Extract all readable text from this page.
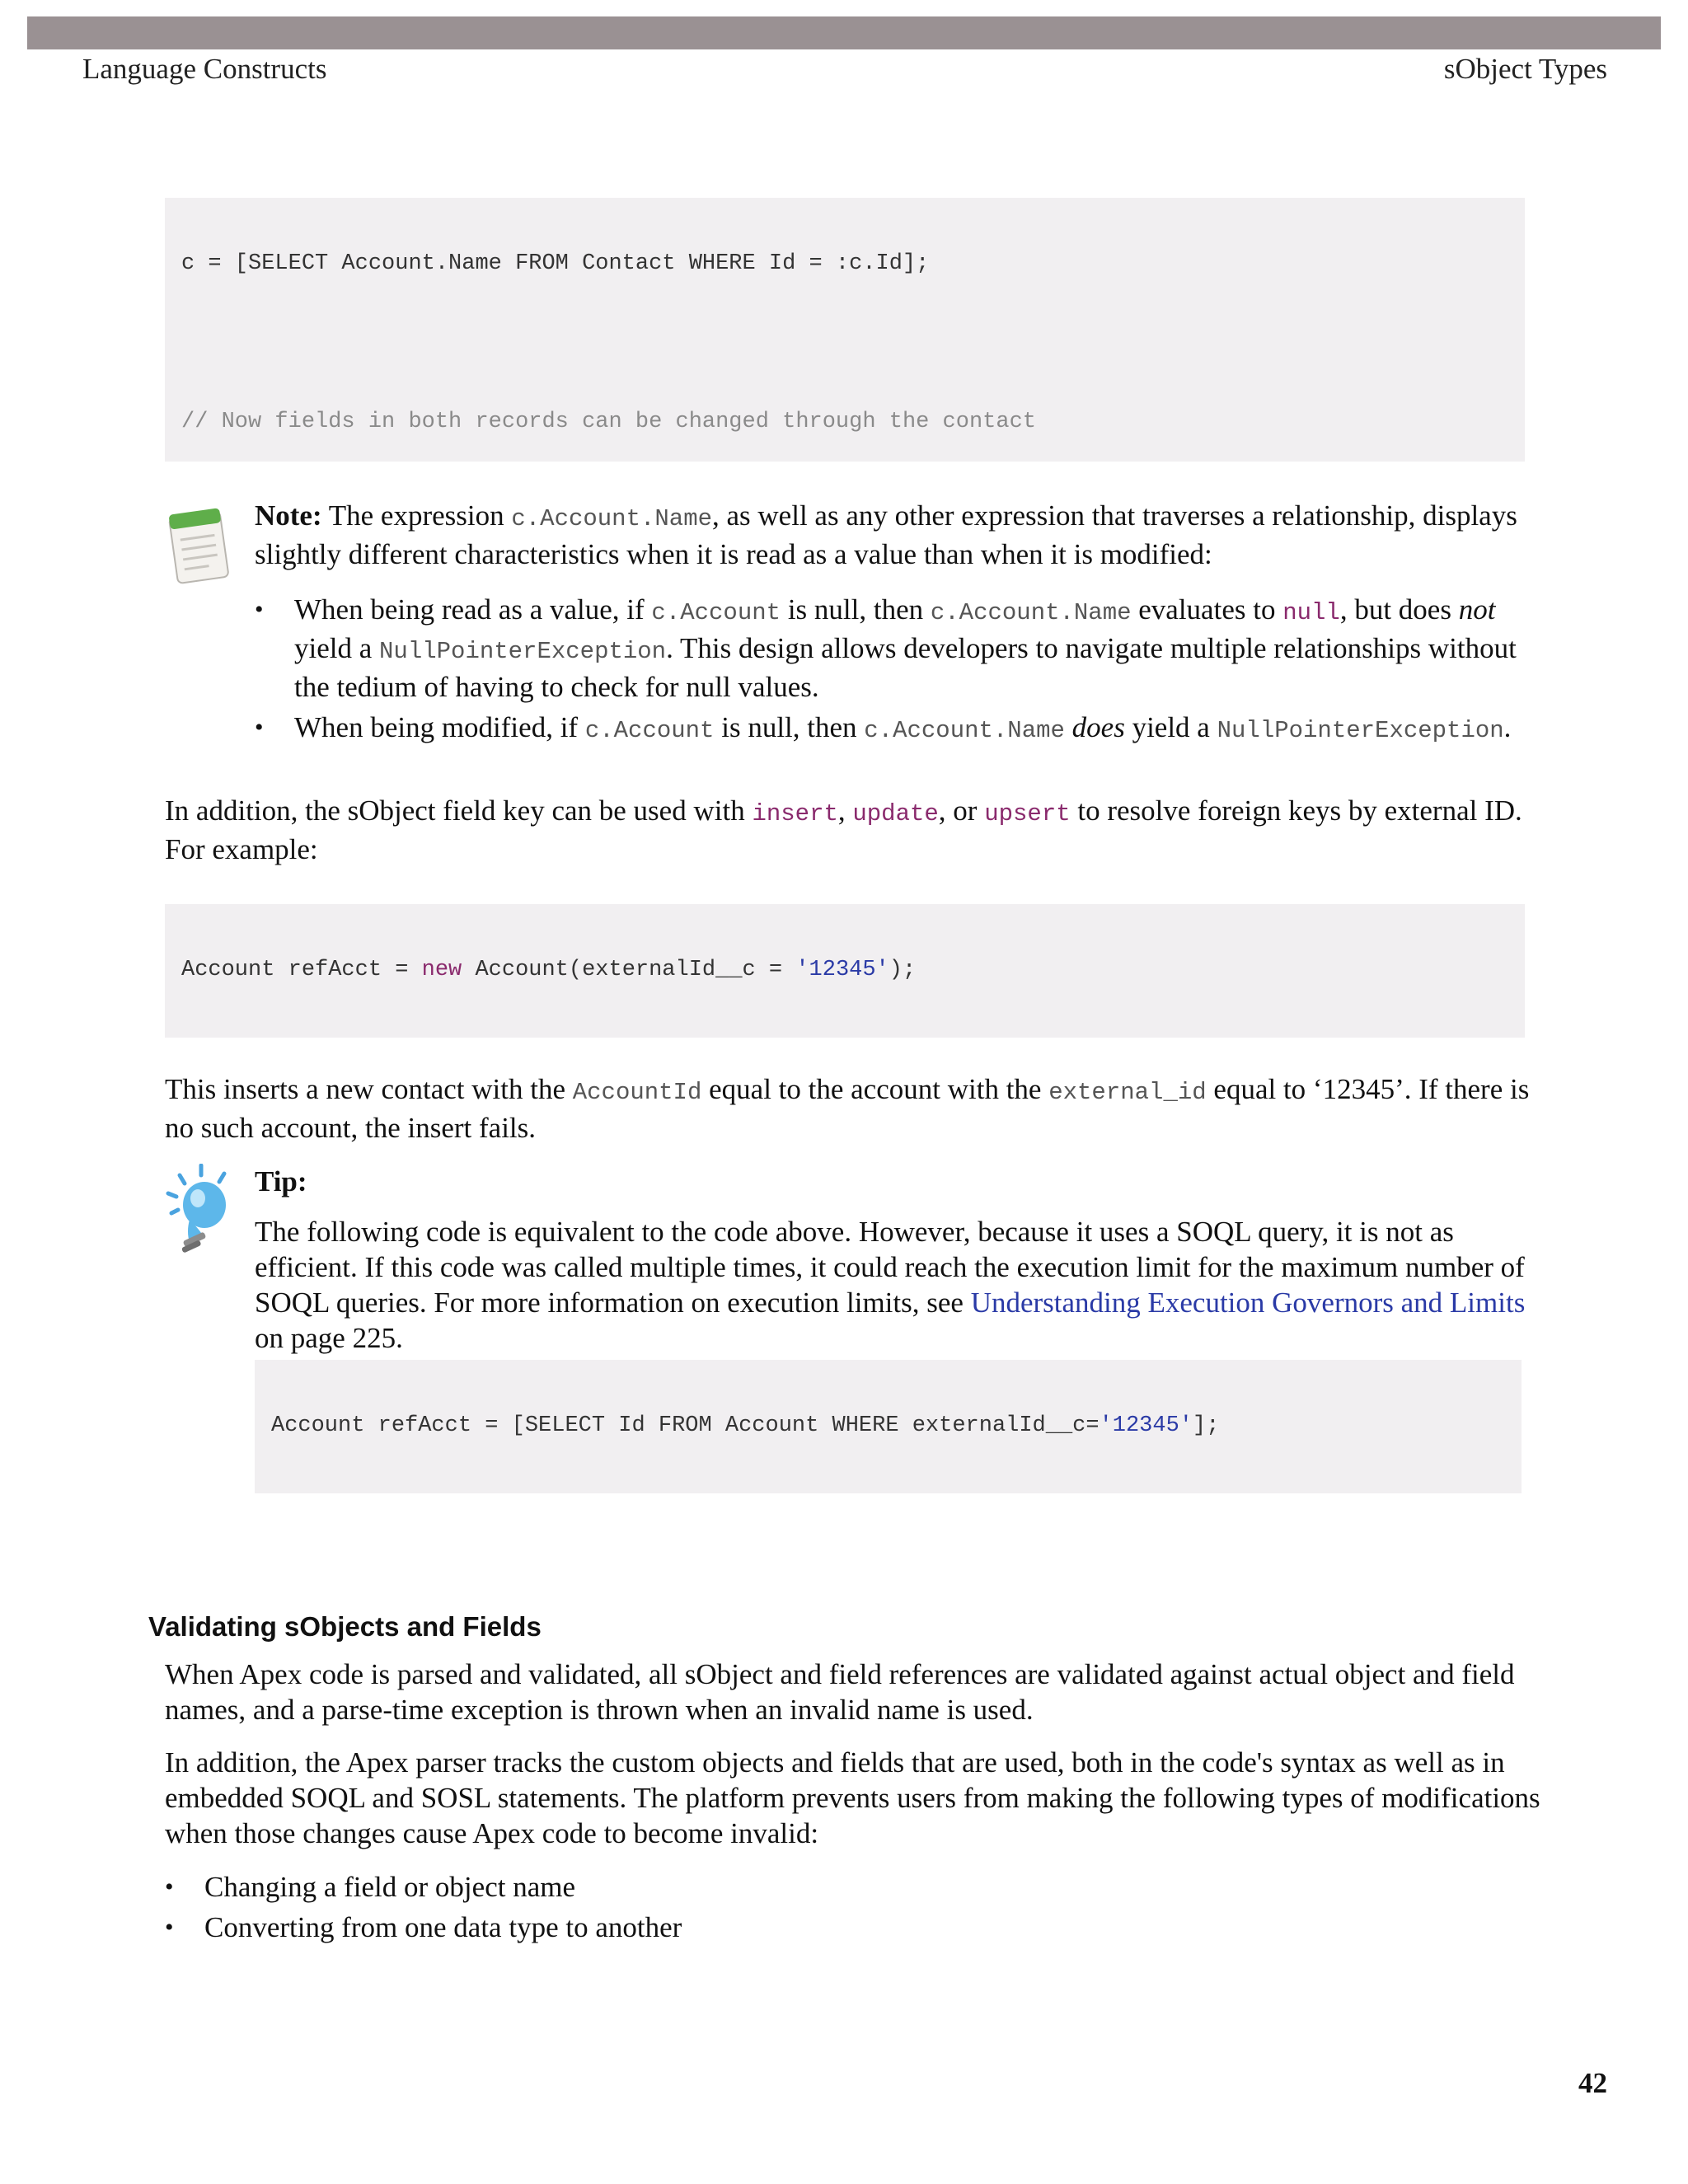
Language Constructs	sObject Types

c = [SELECT Account.Name FROM Contact WHERE Id = :c.Id];

// Now fields in both records can be changed through the contact

Note: The expression c.Account.Name, as well as any other expression that traverses a relationship, displays slightly different characteristics when it is read as a value than when it is modified:

• When being read as a value, if c.Account is null, then c.Account.Name evaluates to null, but does not yield a NullPointerException. This design allows developers to navigate multiple relationships without the tedium of having to check for null values.
• When being modified, if c.Account is null, then c.Account.Name does yield a NullPointerException.

In addition, the sObject field key can be used with insert, update, or upsert to resolve foreign keys by external ID. For example:

Account refAcct = new Account(externalId__c = '12345');

This inserts a new contact with the AccountId equal to the account with the external_id equal to ‘12345’. If there is no such account, the insert fails.

Tip:

The following code is equivalent to the code above. However, because it uses a SOQL query, it is not as efficient. If this code was called multiple times, it could reach the execution limit for the maximum number of SOQL queries. For more information on execution limits, see Understanding Execution Governors and Limits on page 225.

Account refAcct = [SELECT Id FROM Account WHERE externalId__c='12345'];

Validating sObjects and Fields

When Apex code is parsed and validated, all sObject and field references are validated against actual object and field names, and a parse-time exception is thrown when an invalid name is used.

In addition, the Apex parser tracks the custom objects and fields that are used, both in the code's syntax as well as in embedded SOQL and SOSL statements. The platform prevents users from making the following types of modifications when those changes cause Apex code to become invalid:

• Changing a field or object name
• Converting from one data type to another
42
